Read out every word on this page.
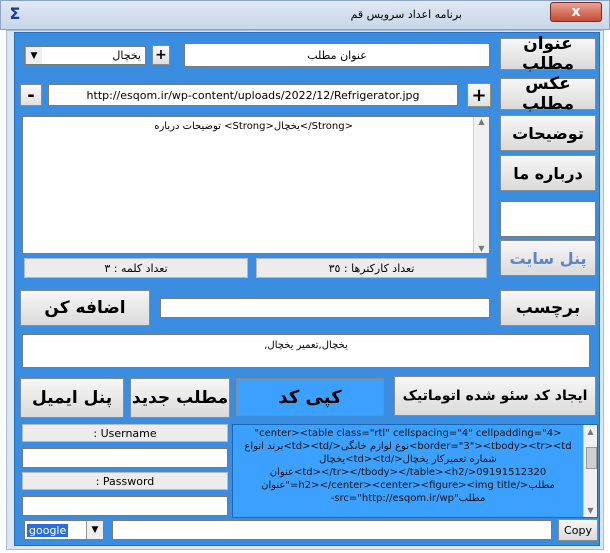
Σ	برنامه اعداد سرویس قم	x
عنوان مطلب
عنوان مطلب
+
▼	یخچال
عکس مطلب
+
http://esqom.ir/wp-content/uploads/2022/12/Refrigerator.jpg
-
توضیحات
درباره ما
پنل سایت
<Strong/>یخچال<Strong> توضیحات درباره	▲
▼
تعداد کارکترها : ٣٥
تعداد کلمه : ٣
برچسب
اضافه کن
یخچال,تعمیر یخچال,
ایجاد کد سئو شده اتوماتیک
کپی کد
مطلب جدید
پنل ایمیل
Username :
Password :
<center><table class="rtl" cellspacing="4" cellpadding="4"
border="3"><tbody><tr><td>نوع لوازم خانگی</td><td>برند انواع
شماره تعمیرکار یخچال</td><td>یخچال
09191512320</td></tr></tbody></table><h2>عنوان
مطلب</h2></center><center><figure><img title="عنوان
مطلب"src="http://esqom.ir/wp-
▲
▼
google	▼	Copy
